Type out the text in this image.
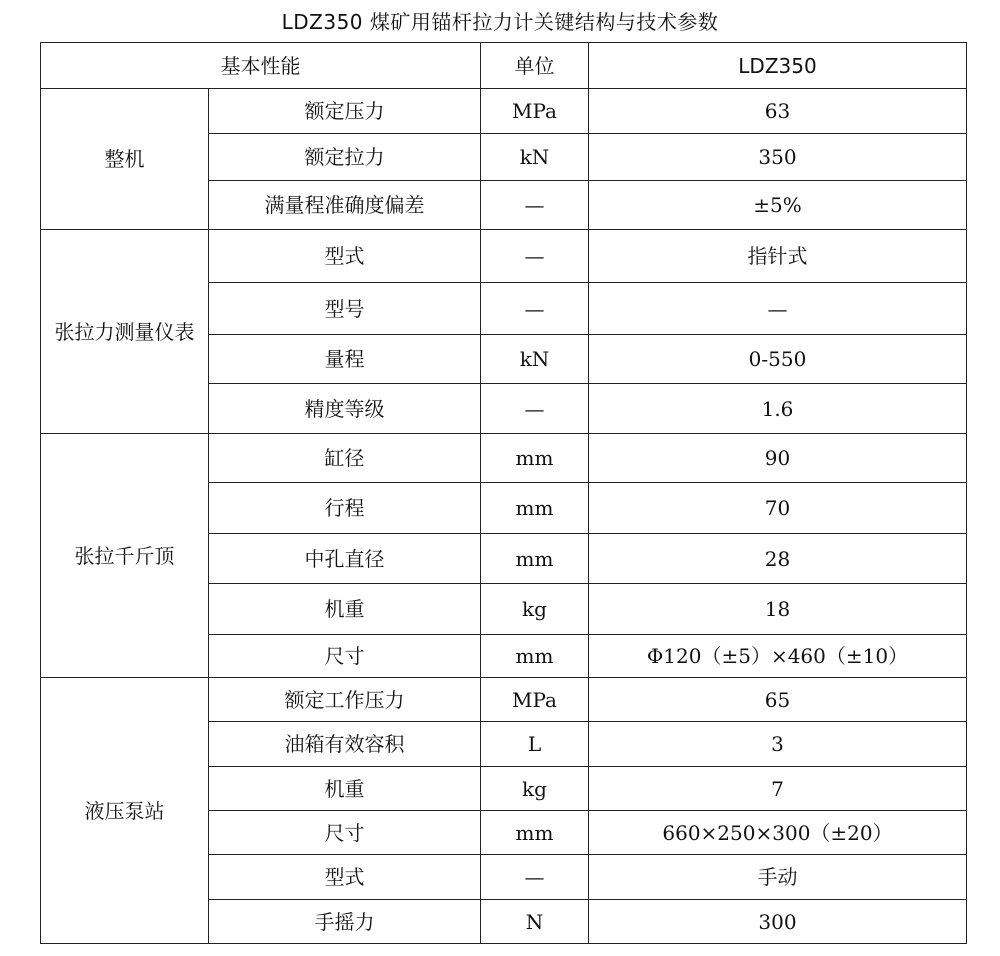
LDZ350 煤矿用锚杆拉力计关键结构与技术参数
基本性能		单位	LDZ350
整机	额定压力	MPa	63
	额定拉力	kN	350
	满量程准确度偏差	—	±5%
张拉力测量仪表	型式	—	指针式
	型号	—	—
	量程	kN	0-550
	精度等级	—	1.6
张拉千斤顶	缸径	mm	90
	行程	mm	70
	中孔直径	mm	28
	机重	kg	18
	尺寸	mm	Φ120（±5）×460（±10）
液压泵站	额定工作压力	MPa	65
	油箱有效容积	L	3
	机重	kg	7
	尺寸	mm	660×250×300（±20）
	型式	—	手动
	手摇力	N	300
